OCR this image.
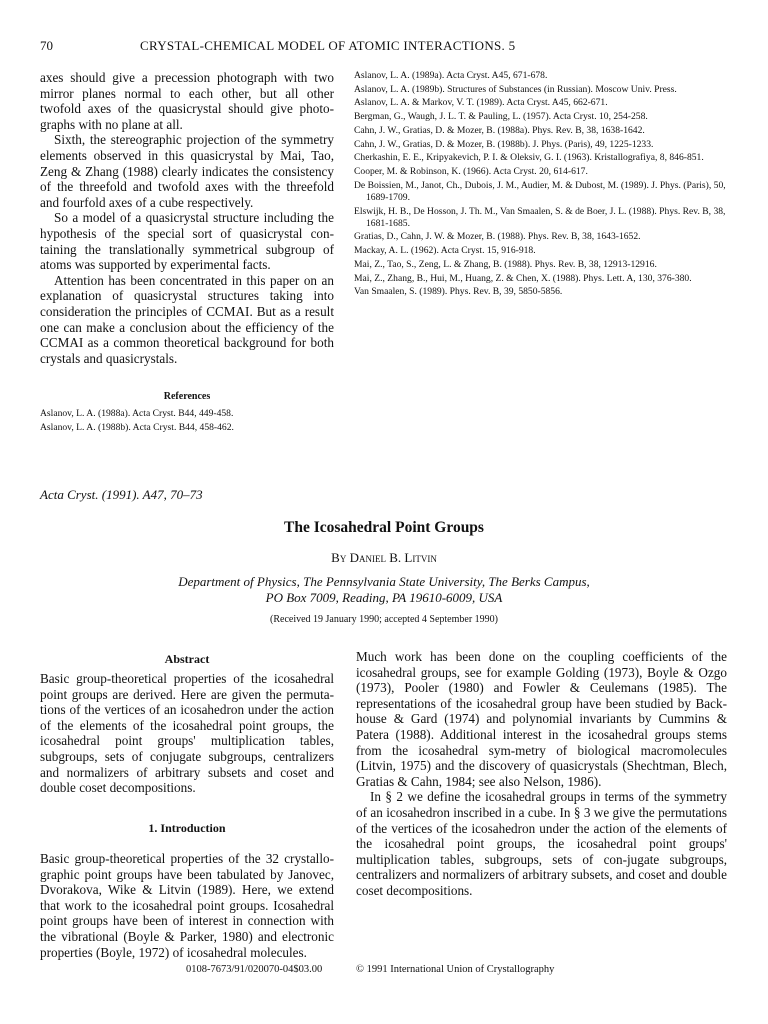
70	CRYSTAL-CHEMICAL MODEL OF ATOMIC INTERACTIONS. 5

axes should give a precession photograph with two mirror planes normal to each other, but all other twofold axes of the quasicrystal should give photo-graphs with no plane at all.

Sixth, the stereographic projection of the symmetry elements observed in this quasicrystal by Mai, Tao, Zeng & Zhang (1988) clearly indicates the consistency of the threefold and twofold axes with the threefold and fourfold axes of a cube respectively.

So a model of a quasicrystal structure including the hypothesis of the special sort of quasicrystal con-taining the translationally symmetrical subgroup of atoms was supported by experimental facts.

Attention has been concentrated in this paper on an explanation of quasicrystal structures taking into consideration the principles of CCMAI. But as a result one can make a conclusion about the efficiency of the CCMAI as a common theoretical background for both crystals and quasicrystals.

References
Aslanov, L. A. (1988a). Acta Cryst. B44, 449-458.
Aslanov, L. A. (1988b). Acta Cryst. B44, 458-462.
Aslanov, L. A. (1989a). Acta Cryst. A45, 671-678.
Aslanov, L. A. (1989b). Structures of Substances (in Russian). Moscow Univ. Press.
Aslanov, L. A. & Markov, V. T. (1989). Acta Cryst. A45, 662-671.
Bergman, G., Waugh, J. L. T. & Pauling, L. (1957). Acta Cryst. 10, 254-258.
Cahn, J. W., Gratias, D. & Mozer, B. (1988a). Phys. Rev. B, 38, 1638-1642.
Cahn, J. W., Gratias, D. & Mozer, B. (1988b). J. Phys. (Paris), 49, 1225-1233.
Cherkashin, E. E., Kripyakevich, P. I. & Oleksiv, G. I. (1963). Kristallografiya, 8, 846-851.
Cooper, M. & Robinson, K. (1966). Acta Cryst. 20, 614-617.
De Boissien, M., Janot, Ch., Dubois, J. M., Audier, M. & Dubost, M. (1989). J. Phys. (Paris), 50, 1689-1709.
Elswijk, H. B., De Hosson, J. Th. M., Van Smaalen, S. & de Boer, J. L. (1988). Phys. Rev. B, 38, 1681-1685.
Gratias, D., Cahn, J. W. & Mozer, B. (1988). Phys. Rev. B, 38, 1643-1652.
Mackay, A. L. (1962). Acta Cryst. 15, 916-918.
Mai, Z., Tao, S., Zeng, L. & Zhang, B. (1988). Phys. Rev. B, 38, 12913-12916.
Mai, Z., Zhang, B., Hui, M., Huang, Z. & Chen, X. (1988). Phys. Lett. A, 130, 376-380.
Van Smaalen, S. (1989). Phys. Rev. B, 39, 5850-5856.
Acta Cryst. (1991). A47, 70–73
The Icosahedral Point Groups
By Daniel B. Litvin
Department of Physics, The Pennsylvania State University, The Berks Campus,
PO Box 7009, Reading, PA 19610-6009, USA
(Received 19 January 1990; accepted 4 September 1990)
Abstract
Basic group-theoretical properties of the icosahedral point groups are derived. Here are given the permuta-tions of the vertices of an icosahedron under the action of the elements of the icosahedral point groups, the icosahedral point groups' multiplication tables, subgroups, sets of conjugate subgroups, centralizers and normalizers of arbitrary subsets and coset and double coset decompositions.
1. Introduction
Basic group-theoretical properties of the 32 crystallo-graphic point groups have been tabulated by Janovec, Dvorakova, Wike & Litvin (1989). Here, we extend that work to the icosahedral point groups. Icosahedral point groups have been of interest in connection with the vibrational (Boyle & Parker, 1980) and electronic properties (Boyle, 1972) of icosahedral molecules.

Much work has been done on the coupling coefficients of the icosahedral groups, see for example Golding (1973), Boyle & Ozgo (1973), Pooler (1980) and Fowler & Ceulemans (1985). The representations of the icosahedral group have been studied by Back-house & Gard (1974) and polynomial invariants by Cummins & Patera (1988). Additional interest in the icosahedral groups stems from the icosahedral sym-metry of biological macromolecules (Litvin, 1975) and the discovery of quasicrystals (Shechtman, Blech, Gratias & Cahn, 1984; see also Nelson, 1986).

In § 2 we define the icosahedral groups in terms of the symmetry of an icosahedron inscribed in a cube. In § 3 we give the permutations of the vertices of the icosahedron under the action of the elements of the icosahedral point groups, the icosahedral point groups' multiplication tables, subgroups, sets of con-jugate subgroups, centralizers and normalizers of arbitrary subsets, and coset and double coset decompositions.

0108-7673/91/020070-04$03.00	© 1991 International Union of Crystallography
